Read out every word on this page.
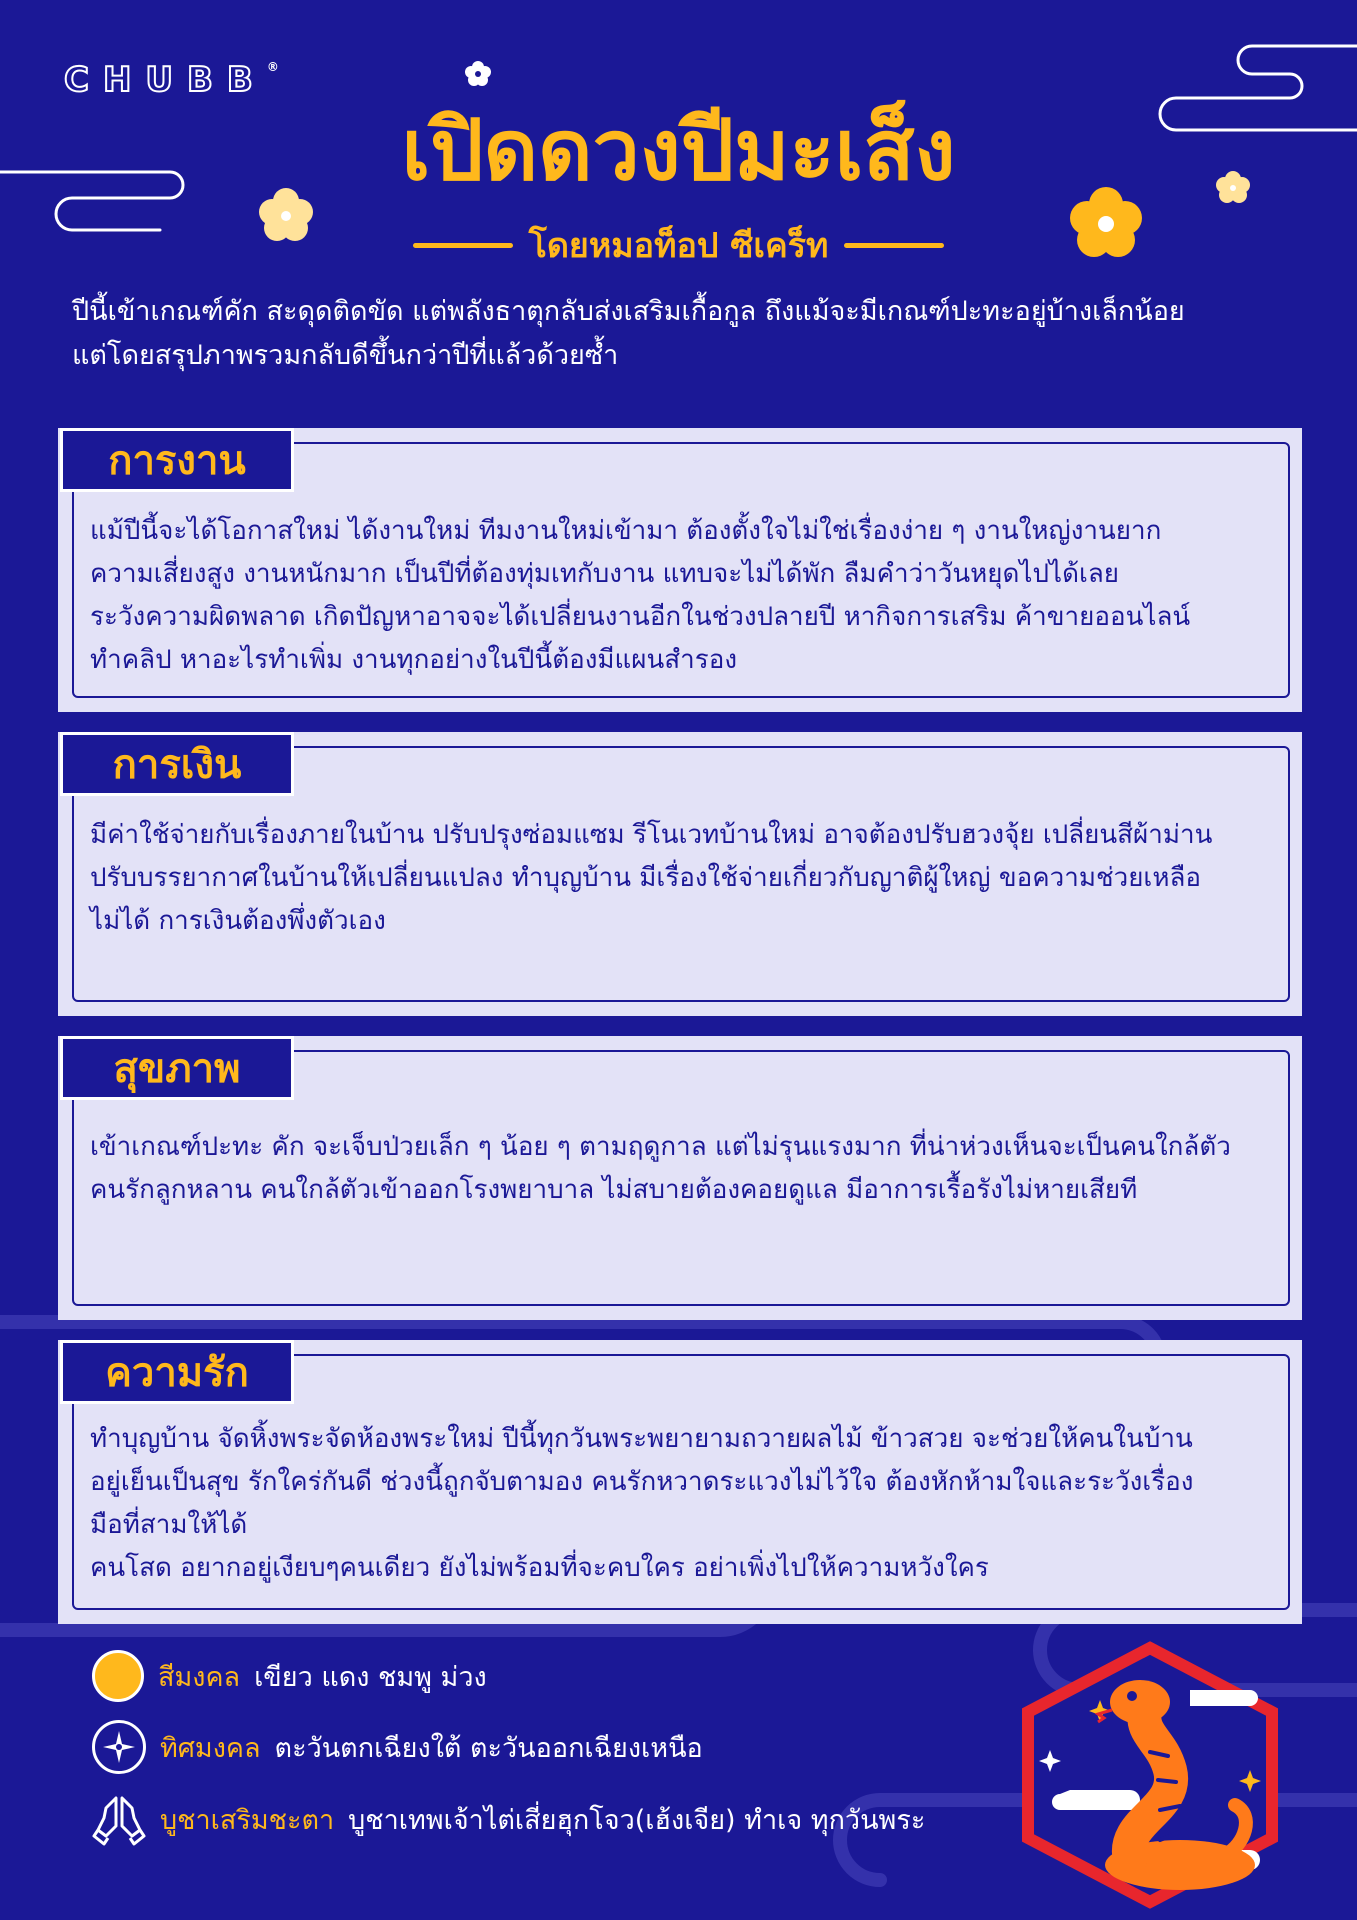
CHUBB®
เปิดดวงปีมะเส็ง
โดยหมอท็อป ซีเคร็ท
ปีนี้เข้าเกณฑ์คัก สะดุดติดขัด แต่พลังธาตุกลับส่งเสริมเกื้อกูล ถึงแม้จะมีเกณฑ์ปะทะอยู่บ้างเล็กน้อย
แต่โดยสรุปภาพรวมกลับดีขึ้นกว่าปีที่แล้วด้วยซ้ำ
การงาน
แม้ปีนี้จะได้โอกาสใหม่ ได้งานใหม่ ทีมงานใหม่เข้ามา ต้องตั้งใจไม่ใช่เรื่องง่าย ๆ งานใหญ่งานยาก
ความเสี่ยงสูง งานหนักมาก เป็นปีที่ต้องทุ่มเทกับงาน แทบจะไม่ได้พัก ลืมคำว่าวันหยุดไปได้เลย
ระวังความผิดพลาด เกิดปัญหาอาจจะได้เปลี่ยนงานอีกในช่วงปลายปี หากิจการเสริม ค้าขายออนไลน์
ทำคลิป หาอะไรทำเพิ่ม งานทุกอย่างในปีนี้ต้องมีแผนสำรอง
การเงิน
มีค่าใช้จ่ายกับเรื่องภายในบ้าน ปรับปรุงซ่อมแซม รีโนเวทบ้านใหม่ อาจต้องปรับฮวงจุ้ย เปลี่ยนสีผ้าม่าน
ปรับบรรยากาศในบ้านให้เปลี่ยนแปลง ทำบุญบ้าน มีเรื่องใช้จ่ายเกี่ยวกับญาติผู้ใหญ่ ขอความช่วยเหลือ
ไม่ได้ การเงินต้องพึ่งตัวเอง
สุขภาพ
เข้าเกณฑ์ปะทะ คัก จะเจ็บป่วยเล็ก ๆ น้อย ๆ ตามฤดูกาล แต่ไม่รุนแรงมาก ที่น่าห่วงเห็นจะเป็นคนใกล้ตัว
คนรักลูกหลาน คนใกล้ตัวเข้าออกโรงพยาบาล ไม่สบายต้องคอยดูแล มีอาการเรื้อรังไม่หายเสียที
ความรัก
ทำบุญบ้าน จัดหิ้งพระจัดห้องพระใหม่ ปีนี้ทุกวันพระพยายามถวายผลไม้ ข้าวสวย จะช่วยให้คนในบ้าน
อยู่เย็นเป็นสุข รักใคร่กันดี ช่วงนี้ถูกจับตามอง คนรักหวาดระแวงไม่ไว้ใจ ต้องหักห้ามใจและระวังเรื่อง
มือที่สามให้ได้
คนโสด อยากอยู่เงียบๆคนเดียว ยังไม่พร้อมที่จะคบใคร อย่าเพิ่งไปให้ความหวังใคร
สีมงคล เขียว แดง ชมพู ม่วง
ทิศมงคล ตะวันตกเฉียงใต้ ตะวันออกเฉียงเหนือ
บูชาเสริมชะตา บูชาเทพเจ้าไต่เสี่ยฮุกโจว(เฮ้งเจีย) ทำเจ ทุกวันพระ
